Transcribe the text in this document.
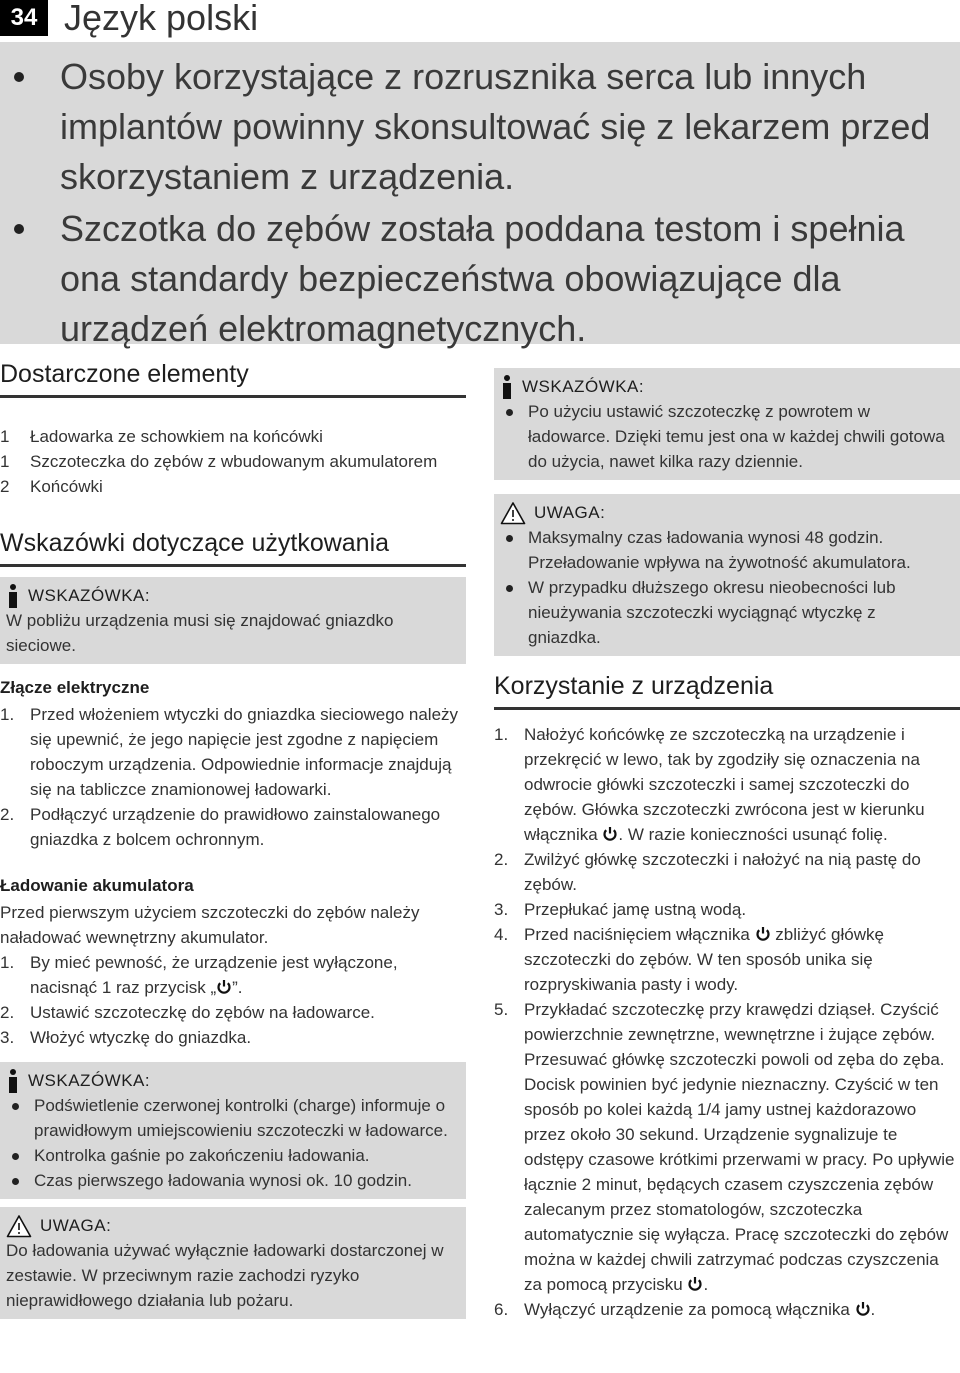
34 Język polski
Osoby korzystające z rozrusznika serca lub innych implantów powinny skonsultować się z lekarzem przed skorzystaniem z urządzenia.
Szczotka do zębów została poddana testom i spełnia ona standardy bezpieczeństwa obowiązujące dla urządzeń elektromagnetycznych.
Dostarczone elementy
1	Ładowarka ze schowkiem na końcówki
1	Szczoteczka do zębów z wbudowanym akumulatorem
2	Końcówki
Wskazówki dotyczące użytkowania
WSKAZÓWKA:
W pobliżu urządzenia musi się znajdować gniazdko sieciowe.
Złącze elektryczne
1. Przed włożeniem wtyczki do gniazdka sieciowego należy się upewnić, że jego napięcie jest zgodne z napięciem roboczym urządzenia. Odpowiednie informacje znajdują się na tabliczce znamionowej ładowarki.
2. Podłączyć urządzenie do prawidłowo zainstalowanego gniazdka z bolcem ochronnym.
Ładowanie akumulatora
Przed pierwszym użyciem szczoteczki do zębów należy naładować wewnętrzny akumulator.
1. By mieć pewność, że urządzenie jest wyłączone, nacisnąć 1 raz przycisk „ ”.
2. Ustawić szczoteczkę do zębów na ładowarce.
3. Włożyć wtyczkę do gniazdka.
WSKAZÓWKA:
Podświetlenie czerwonej kontrolki (charge) informuje o prawidłowym umiejscowieniu szczoteczki w ładowarce.
Kontrolka gaśnie po zakończeniu ładowania.
Czas pierwszego ładowania wynosi ok. 10 godzin.
UWAGA:
Do ładowania używać wyłącznie ładowarki dostarczonej w zestawie. W przeciwnym razie zachodzi ryzyko nieprawidłowego działania lub pożaru.
WSKAZÓWKA:
Po użyciu ustawić szczoteczkę z powrotem w ładowarce. Dzięki temu jest ona w każdej chwili gotowa do użycia, nawet kilka razy dziennie.
UWAGA:
Maksymalny czas ładowania wynosi 48 godzin. Przeładowanie wpływa na żywotność akumulatora.
W przypadku dłuższego okresu nieobecności lub nieużywania szczoteczki wyciągnąć wtyczkę z gniazdka.
Korzystanie z urządzenia
1. Nałożyć końcówkę ze szczoteczką na urządzenie i przekręcić w lewo, tak by zgodziły się oznaczenia na odwrocie główki szczoteczki i samej szczoteczki do zębów. Główka szczoteczki zwrócona jest w kierunku włącznika . W razie konieczności usunąć folię.
2. Zwilżyć główkę szczoteczki i nałożyć na nią pastę do zębów.
3. Przepłukać jamę ustną wodą.
4. Przed naciśnięciem włącznika  zbliżyć główkę szczoteczki do zębów. W ten sposób unika się rozpryskiwania pasty i wody.
5. Przykładać szczoteczkę przy krawędzi dziąseł. Czyścić powierzchnie zewnętrzne, wewnętrzne i żujące zębów. Przesuwać główkę szczoteczki powoli od zęba do zęba. Docisk powinien być jedynie nieznaczny. Czyścić w ten sposób po kolei każdą 1/4 jamy ustnej każdorazowo przez około 30 sekund. Urządzenie sygnalizuje te odstępy czasowe krótkimi przerwami w pracy. Po upływie łącznie 2 minut, będących czasem czyszczenia zębów zalecanym przez stomatologów, szczoteczka automatycznie się wyłącza. Pracę szczoteczki do zębów można w każdej chwili zatrzymać podczas czyszczenia za pomocą przycisku .
6. Wyłączyć urządzenie za pomocą włącznika .
